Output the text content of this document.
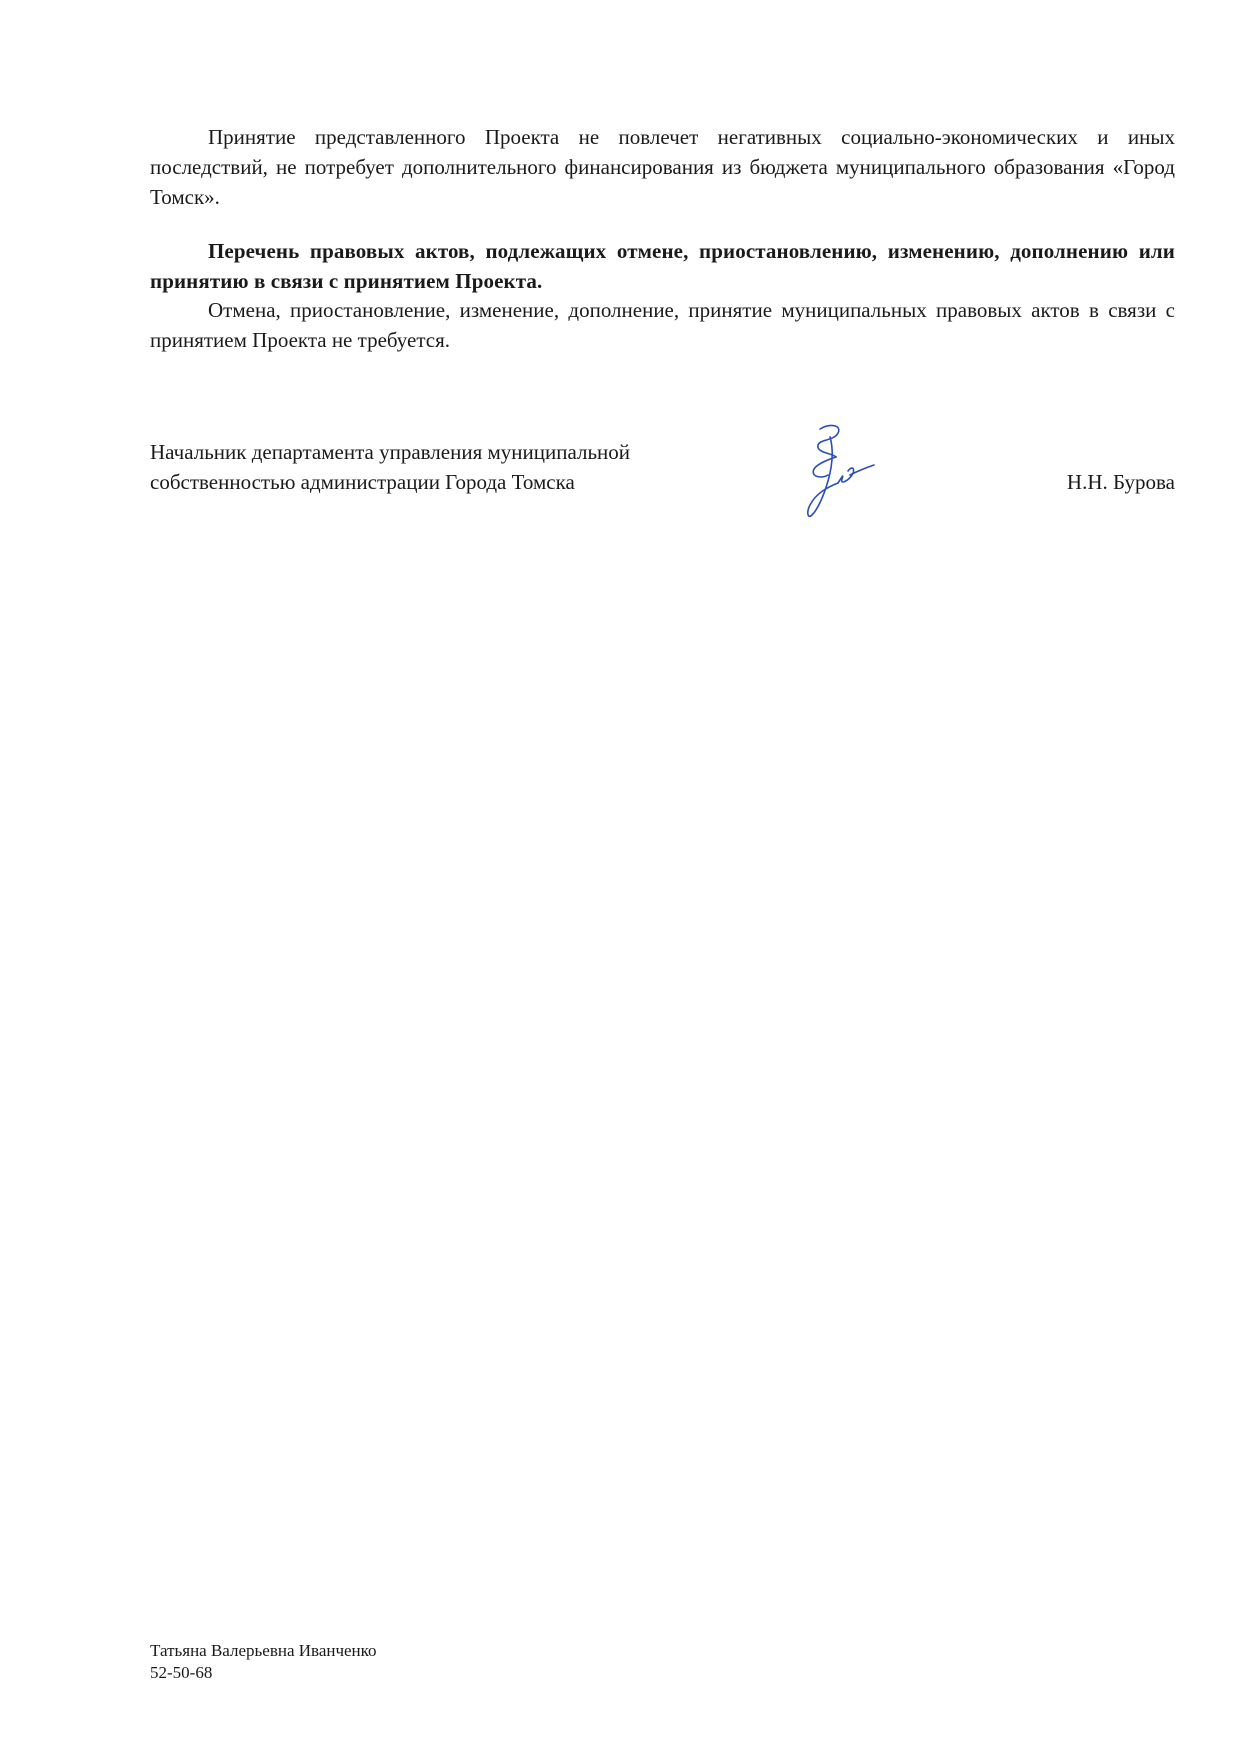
Принятие представленного Проекта не повлечет негативных социально-экономических и иных последствий, не потребует дополнительного финансирования из бюджета муниципального образования «Город Томск».

Перечень правовых актов, подлежащих отмене, приостановлению, изменению, дополнению или принятию в связи с принятием Проекта.

Отмена, приостановление, изменение, дополнение, принятие муниципальных правовых актов в связи с принятием Проекта не требуется.

Начальник департамента управления муниципальной
собственностью администрации Города Томска	Н.Н. Бурова
Татьяна Валерьевна Иванченко
52-50-68
